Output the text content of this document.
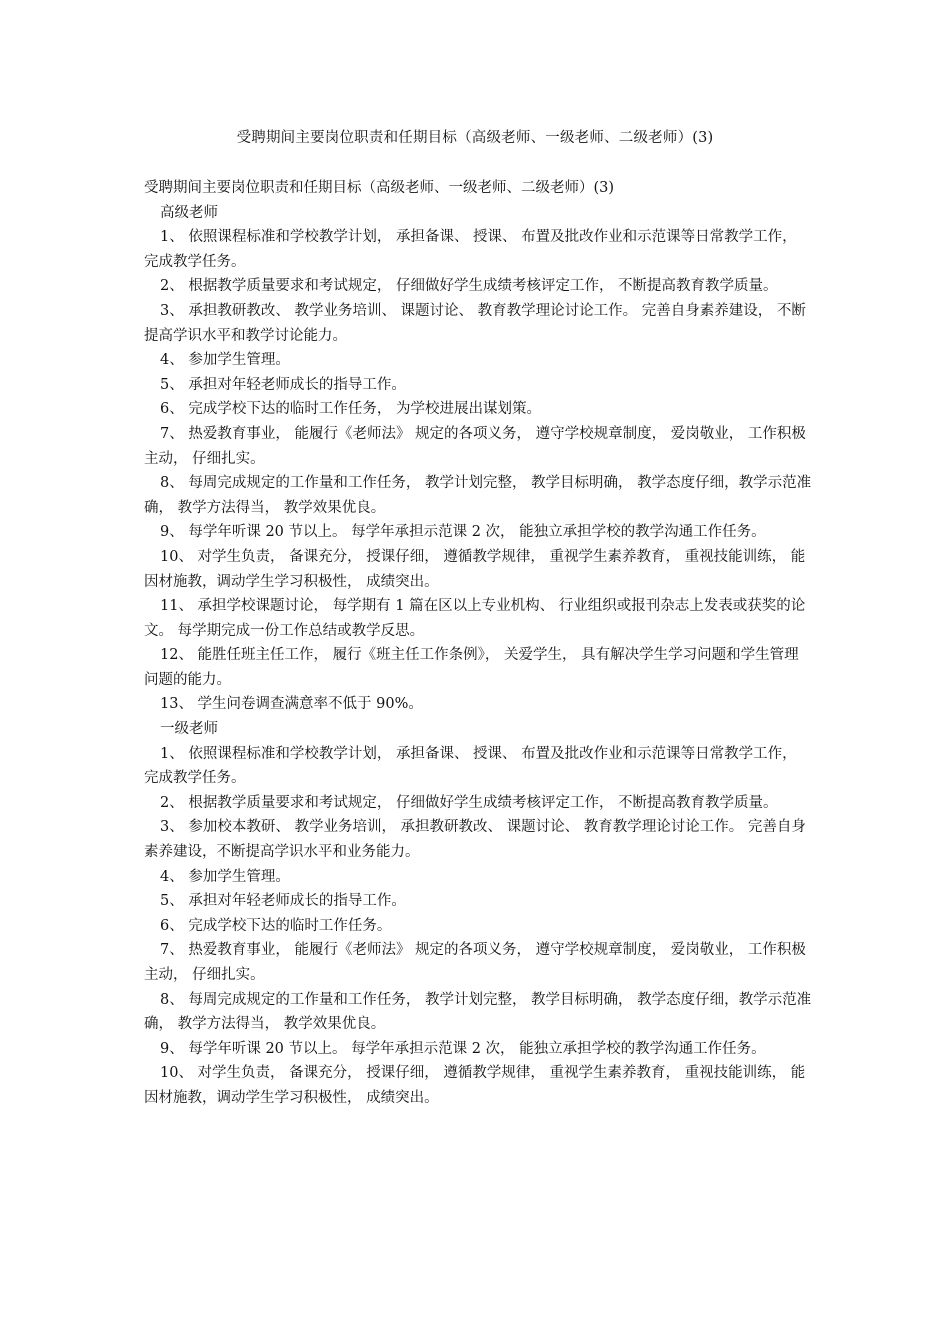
受聘期间主要岗位职责和任期目标（高级老师、一级老师、二级老师）(3)

受聘期间主要岗位职责和任期目标（高级老师、一级老师、二级老师）(3)

高级老师

1、 依照课程标准和学校教学计划， 承担备课、 授课、 布置及批改作业和示范课等日常教学工作， 完成教学任务。

2、 根据教学质量要求和考试规定， 仔细做好学生成绩考核评定工作， 不断提高教育教学质量。

3、 承担教研教改、 教学业务培训、 课题讨论、 教育教学理论讨论工作。 完善自身素养建设， 不断提高学识水平和教学讨论能力。

4、 参加学生管理。

5、 承担对年轻老师成长的指导工作。

6、 完成学校下达的临时工作任务， 为学校进展出谋划策。

7、 热爱教育事业， 能履行《老师法》 规定的各项义务， 遵守学校规章制度， 爱岗敬业， 工作积极主动， 仔细扎实。

8、 每周完成规定的工作量和工作任务， 教学计划完整， 教学目标明确， 教学态度仔细，教学示范准确， 教学方法得当， 教学效果优良。

9、 每学年听课 20 节以上。 每学年承担示范课 2 次， 能独立承担学校的教学沟通工作任务。

10、 对学生负责， 备课充分， 授课仔细， 遵循教学规律， 重视学生素养教育， 重视技能训练， 能因材施教，调动学生学习积极性， 成绩突出。

11、 承担学校课题讨论， 每学期有 1 篇在区以上专业机构、 行业组织或报刊杂志上发表或获奖的论文。 每学期完成一份工作总结或教学反思。

12、 能胜任班主任工作， 履行《班主任工作条例》， 关爱学生， 具有解决学生学习问题和学生管理问题的能力。

13、 学生问卷调查满意率不低于 90%。

一级老师

1、 依照课程标准和学校教学计划， 承担备课、 授课、 布置及批改作业和示范课等日常教学工作， 完成教学任务。

2、 根据教学质量要求和考试规定， 仔细做好学生成绩考核评定工作， 不断提高教育教学质量。

3、 参加校本教研、 教学业务培训， 承担教研教改、 课题讨论、 教育教学理论讨论工作。 完善自身素养建设，不断提高学识水平和业务能力。

4、 参加学生管理。

5、 承担对年轻老师成长的指导工作。

6、 完成学校下达的临时工作任务。

7、 热爱教育事业， 能履行《老师法》 规定的各项义务， 遵守学校规章制度， 爱岗敬业， 工作积极主动， 仔细扎实。

8、 每周完成规定的工作量和工作任务， 教学计划完整， 教学目标明确， 教学态度仔细，教学示范准确， 教学方法得当， 教学效果优良。

9、 每学年听课 20 节以上。 每学年承担示范课 2 次， 能独立承担学校的教学沟通工作任务。

10、 对学生负责， 备课充分， 授课仔细， 遵循教学规律， 重视学生素养教育， 重视技能训练， 能因材施教，调动学生学习积极性， 成绩突出。
